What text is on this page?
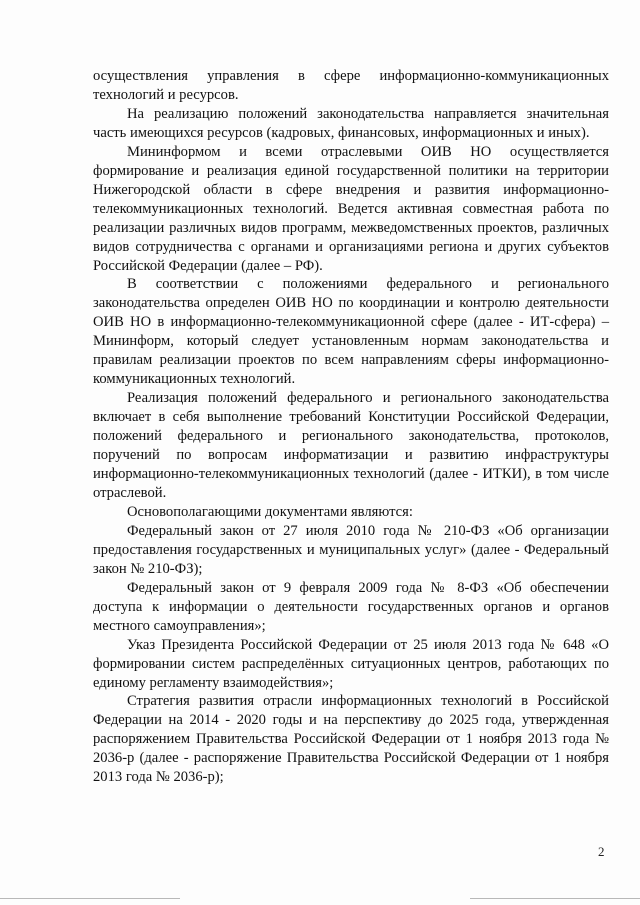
осуществления управления в сфере информационно-коммуникационных технологий и ресурсов.

На реализацию положений законодательства направляется значительная часть имеющихся ресурсов (кадровых, финансовых, информационных и иных).

Мининформом и всеми отраслевыми ОИВ НО осуществляется формирование и реализация единой государственной политики на территории Нижегородской области в сфере внедрения и развития информационно-телекоммуникационных технологий. Ведется активная совместная работа по реализации различных видов программ, межведомственных проектов, различных видов сотрудничества с органами и организациями региона и других субъектов Российской Федерации (далее – РФ).

В соответствии с положениями федерального и регионального законодательства определен ОИВ НО по координации и контролю деятельности ОИВ НО в информационно-телекоммуникационной сфере (далее - ИТ-сфера) – Мининформ, который следует установленным нормам законодательства и правилам реализации проектов по всем направлениям сферы информационно-коммуникационных технологий.

Реализация положений федерального и регионального законодательства включает в себя выполнение требований Конституции Российской Федерации, положений федерального и регионального законодательства, протоколов, поручений по вопросам информатизации и развитию инфраструктуры информационно-телекоммуникационных технологий (далее - ИТКИ), в том числе отраслевой.

Основополагающими документами являются:

Федеральный закон от 27 июля 2010 года № 210-ФЗ «Об организации предоставления государственных и муниципальных услуг» (далее - Федеральный закон № 210-ФЗ);

Федеральный закон от 9 февраля 2009 года № 8-ФЗ «Об обеспечении доступа к информации о деятельности государственных органов и органов местного самоуправления»;

Указ Президента Российской Федерации от 25 июля 2013 года № 648 «О формировании систем распределённых ситуационных центров, работающих по единому регламенту взаимодействия»;

Стратегия развития отрасли информационных технологий в Российской Федерации на 2014 - 2020 годы и на перспективу до 2025 года, утвержденная распоряжением Правительства Российской Федерации от 1 ноября 2013 года № 2036-р (далее - распоряжение Правительства Российской Федерации от 1 ноября 2013 года № 2036-р);

2
